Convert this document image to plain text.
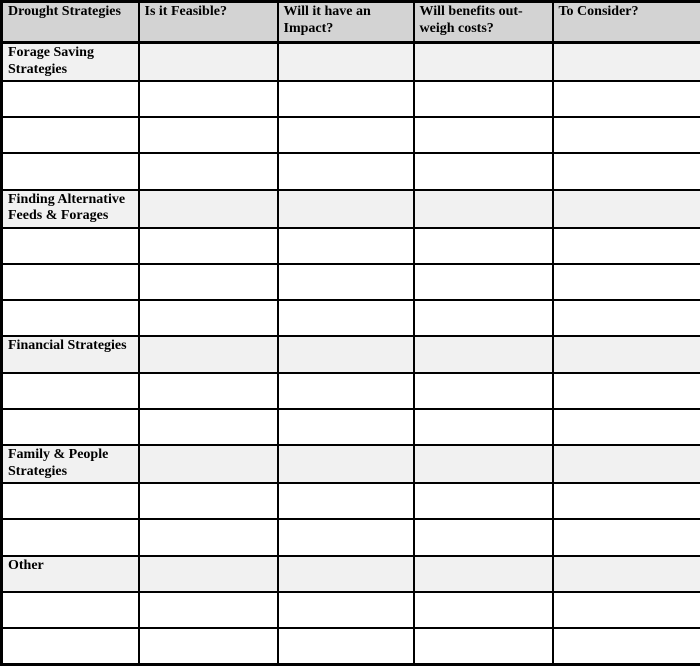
Drought Strategies	Is it Feasible?	Will it have an Impact?	Will benefits out-weigh costs?	To Consider?
Forage Saving Strategies				

Finding Alternative Feeds & Forages				

Financial Strategies				

Family & People Strategies				

Other				
